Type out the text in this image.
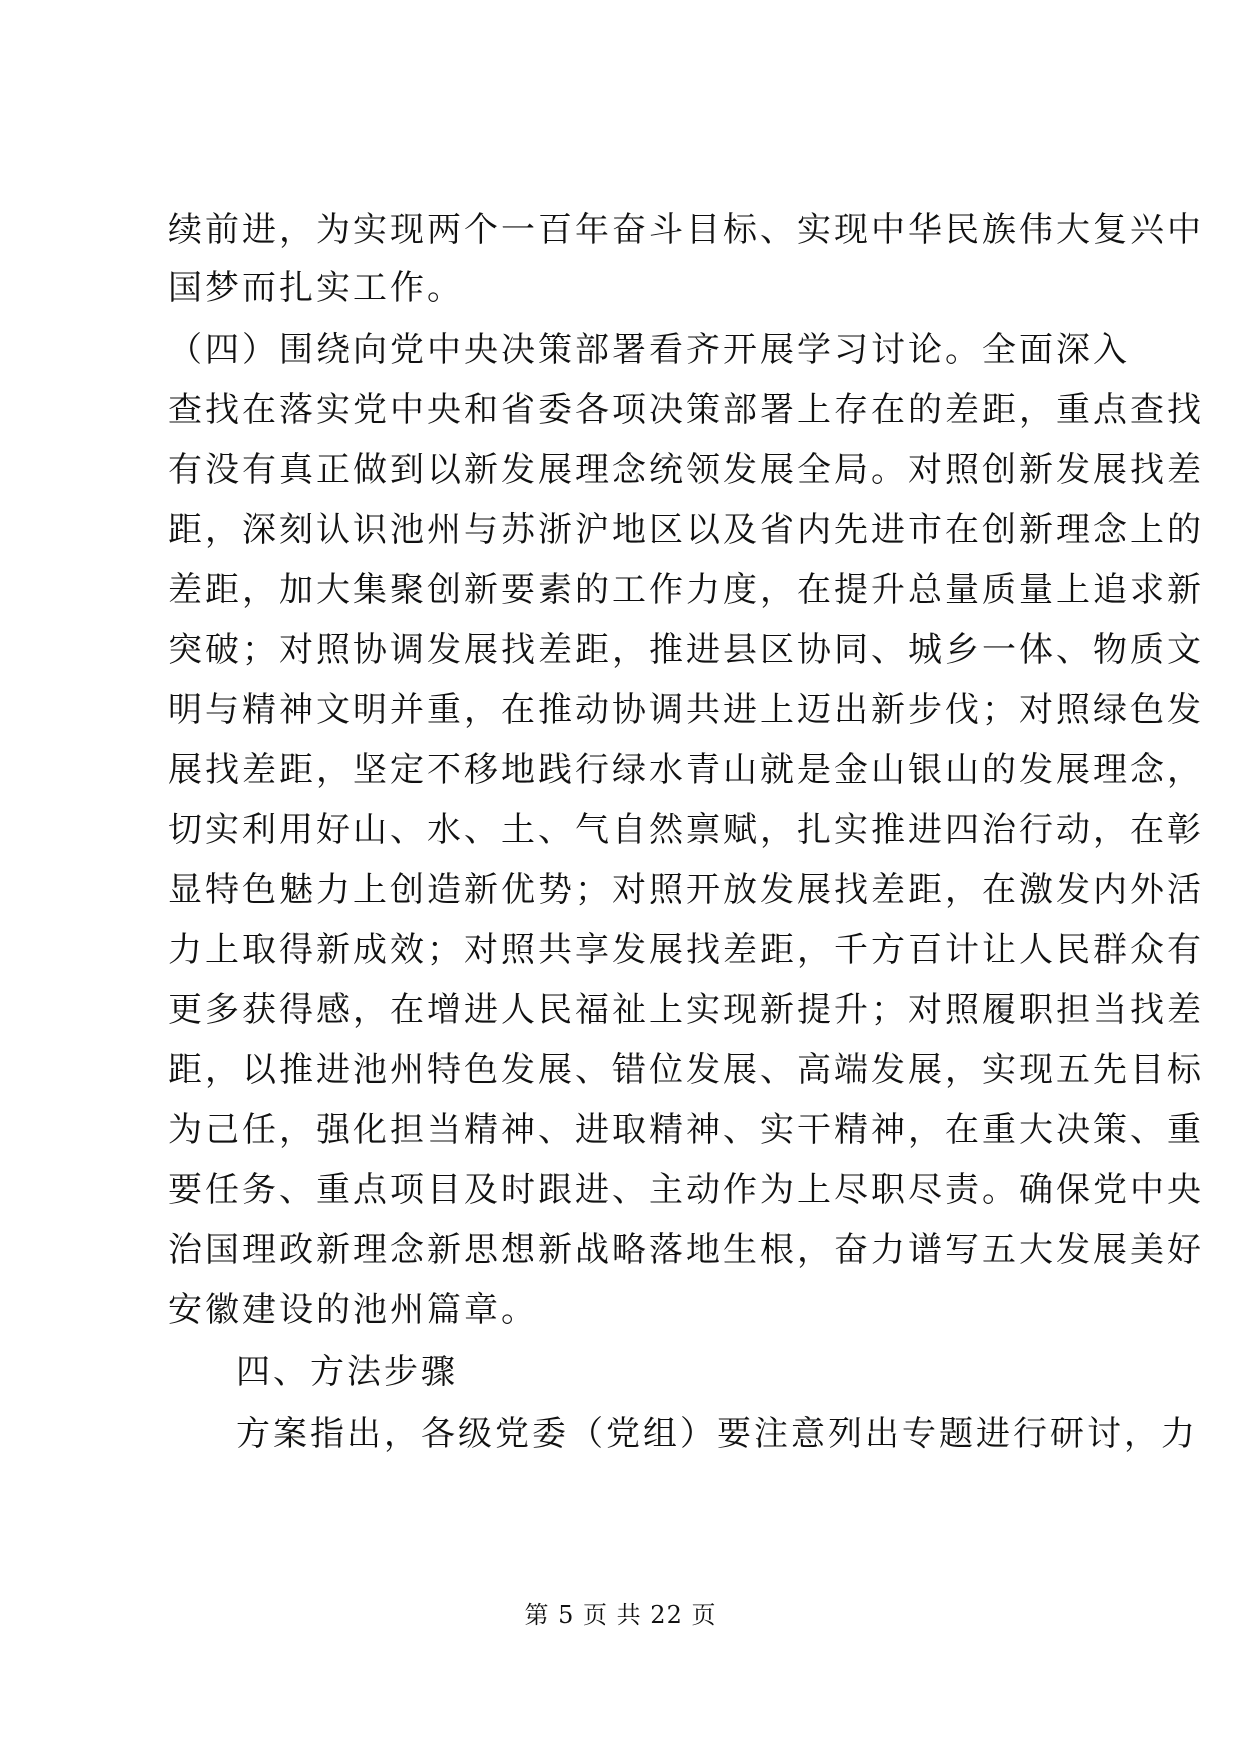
续前进，为实现两个一百年奋斗目标、实现中华民族伟大复兴中
国梦而扎实工作。
（四）围绕向党中央决策部署看齐开展学习讨论。全面深入
查找在落实党中央和省委各项决策部署上存在的差距，重点查找
有没有真正做到以新发展理念统领发展全局。对照创新发展找差
距，深刻认识池州与苏浙沪地区以及省内先进市在创新理念上的
差距，加大集聚创新要素的工作力度，在提升总量质量上追求新
突破；对照协调发展找差距，推进县区协同、城乡一体、物质文
明与精神文明并重，在推动协调共进上迈出新步伐；对照绿色发
展找差距，坚定不移地践行绿水青山就是金山银山的发展理念，
切实利用好山、水、土、气自然禀赋，扎实推进四治行动，在彰
显特色魅力上创造新优势；对照开放发展找差距，在激发内外活
力上取得新成效；对照共享发展找差距，千方百计让人民群众有
更多获得感，在增进人民福祉上实现新提升；对照履职担当找差
距，以推进池州特色发展、错位发展、高端发展，实现五先目标
为己任，强化担当精神、进取精神、实干精神，在重大决策、重
要任务、重点项目及时跟进、主动作为上尽职尽责。确保党中央
治国理政新理念新思想新战略落地生根，奋力谱写五大发展美好
安徽建设的池州篇章。
四、方法步骤
方案指出，各级党委（党组）要注意列出专题进行研讨，力
第 5 页 共 22 页
